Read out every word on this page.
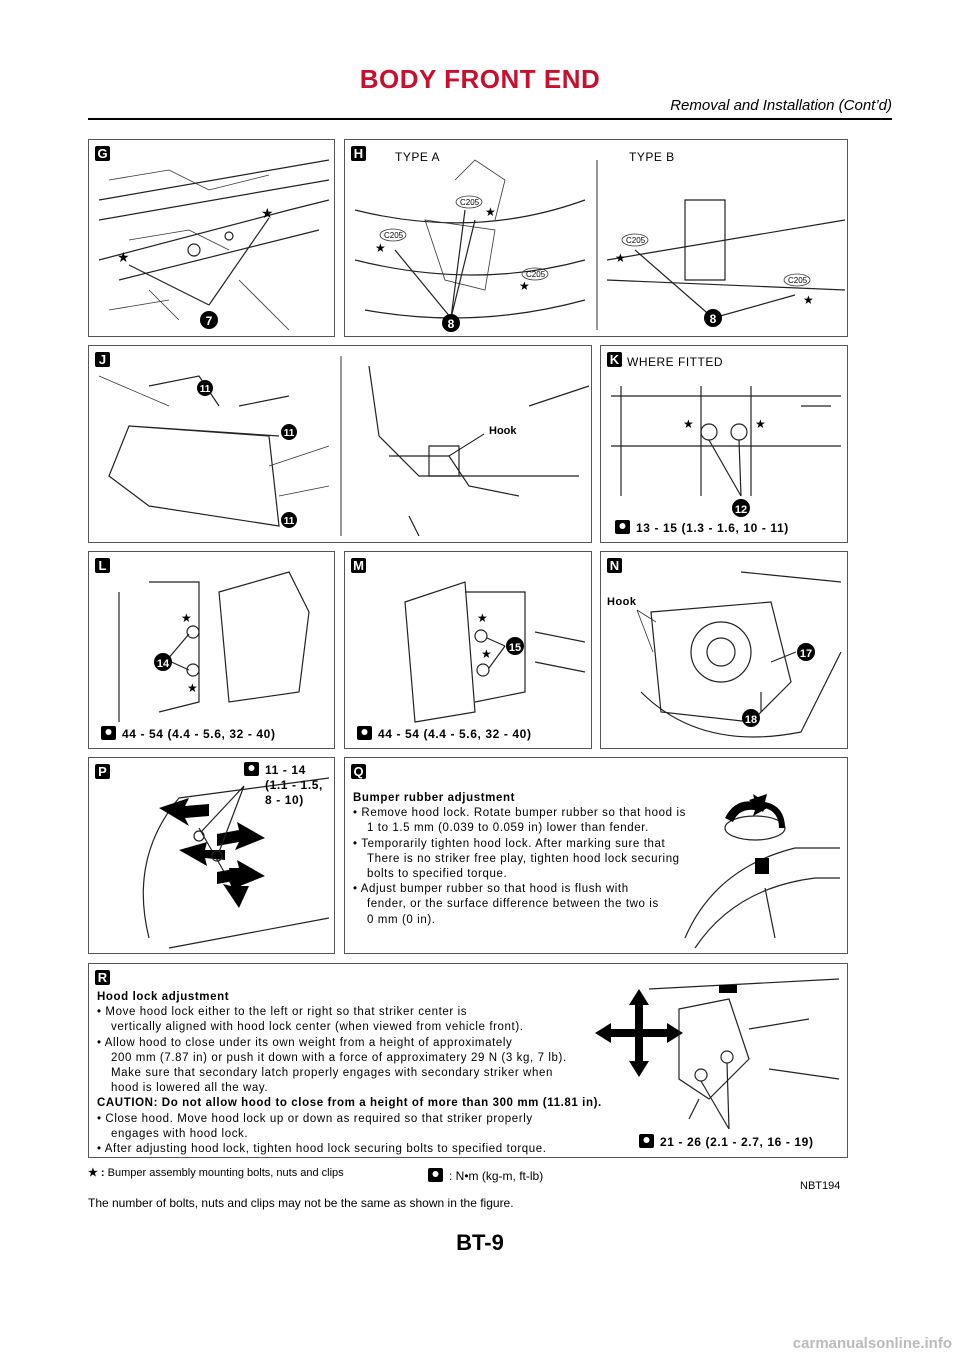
BODY FRONT END
Removal and Installation (Cont’d)
G
★
★
7
H	TYPE A	TYPE B
C205
C205
C205
C205
C205
★
★
★
★
★
8	8
J
11
11
11
Hook
K WHERE FITTED
★	★
12
13 - 15 (1.3 - 1.6, 10 - 11)
L
★
★
14
44 - 54 (4.4 - 5.6, 32 - 40)
M
★
★ 15
44 - 54 (4.4 - 5.6, 32 - 40)
N
Hook
17
18
P	11 - 14
(1.1 - 1.5,
8 - 10)
Q
Bumper rubber adjustment
• Remove hood lock. Rotate bumper rubber so that hood is
1 to 1.5 mm (0.039 to 0.059 in) lower than fender.
• Temporarily tighten hood lock. After marking sure that
There is no striker free play, tighten hood lock securing
bolts to specified torque.
• Adjust bumper rubber so that hood is flush with
fender, or the surface difference between the two is
0 mm (0 in).
R
Hood lock adjustment
• Move hood lock either to the left or right so that striker center is
vertically aligned with hood lock center (when viewed from vehicle front).
• Allow hood to close under its own weight from a height of approximately
200 mm (7.87 in) or push it down with a force of approximatery 29 N (3 kg, 7 lb).
Make sure that secondary latch properly engages with secondary striker when
hood is lowered all the way.
CAUTION: Do not allow hood to close from a height of more than 300 mm (11.81 in).
• Close hood. Move hood lock up or down as required so that striker properly
engages with hood lock.
• After adjusting hood lock, tighten hood lock securing bolts to specified torque.
21 - 26 (2.1 - 2.7, 16 - 19)
★ : Bumper assembly mounting bolts, nuts and clips	: N•m (kg-m, ft-lb)
NBT194
The number of bolts, nuts and clips may not be the same as shown in the figure.
BT-9
carmanualsonline.info
